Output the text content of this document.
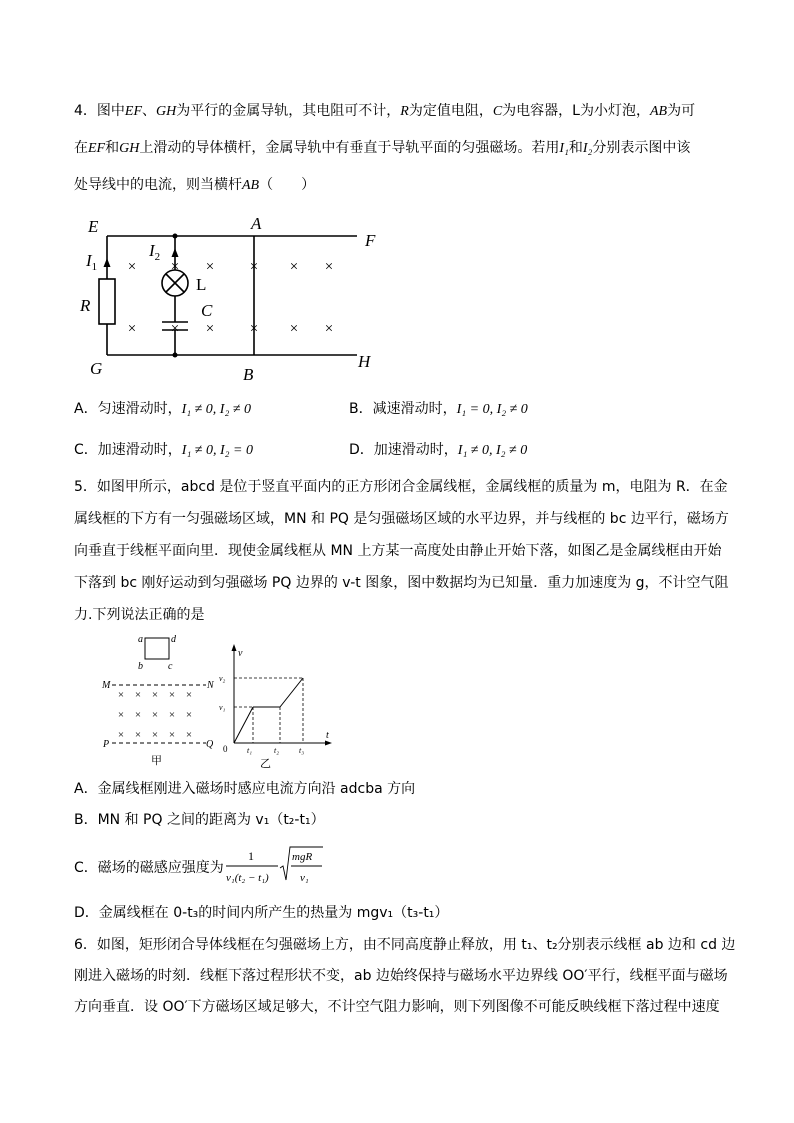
4．图中EF、GH为平行的金属导轨，其电阻可不计，R为定值电阻，C为电容器，L为小灯泡，AB为可
在EF和GH上滑动的导体横杆，金属导轨中有垂直于导轨平面的匀强磁场。若用I₁和I₂分别表示图中该
处导线中的电流，则当横杆AB（　　）
E	A
F
R	C
G	B
H
$I_1$
$I_2$
L
× × × × × ×
× × × × × ×
A．匀速滑动时，I₁ ≠ 0, I₂ ≠ 0	B．减速滑动时，I₁ = 0, I₂ ≠ 0
C．加速滑动时，I₁ ≠ 0, I₂ = 0	D．加速滑动时，I₁ ≠ 0, I₂ ≠ 0
5．如图甲所示，abcd 是位于竖直平面内的正方形闭合金属线框，金属线框的质量为 m，电阻为 R．在金
属线框的下方有一匀强磁场区域，MN 和 PQ 是匀强磁场区域的水平边界，并与线框的 bc 边平行，磁场方
向垂直于线框平面向里．现使金属线框从 MN 上方某一高度处由静止开始下落，如图乙是金属线框由开始
下落到 bc 刚好运动到匀强磁场 PQ 边界的 v-t 图象，图中数据均为已知量．重力加速度为 g，不计空气阻
力.下列说法正确的是
a	d
b	c
M	N
P	Q
× × × × ×
× × × × ×
× × × × ×
甲
v
t
v₂
v₁
t₁	t₂ t₃
0
乙
A．金属线框刚进入磁场时感应电流方向沿 adcba 方向
B．MN 和 PQ 之间的距离为 v₁（t₂-t₁）
C．磁场的磁感应强度为
1
v₁(t₂ − t₁)
mgR
v₁
D．金属线框在 0-t₃的时间内所产生的热量为 mgv₁（t₃-t₁）
6．如图，矩形闭合导体线框在匀强磁场上方，由不同高度静止释放，用 t₁、t₂分别表示线框 ab 边和 cd 边
刚进入磁场的时刻．线框下落过程形状不变，ab 边始终保持与磁场水平边界线 OO′平行，线框平面与磁场
方向垂直．设 OO′下方磁场区域足够大，不计空气阻力影响，则下列图像不可能反映线框下落过程中速度
